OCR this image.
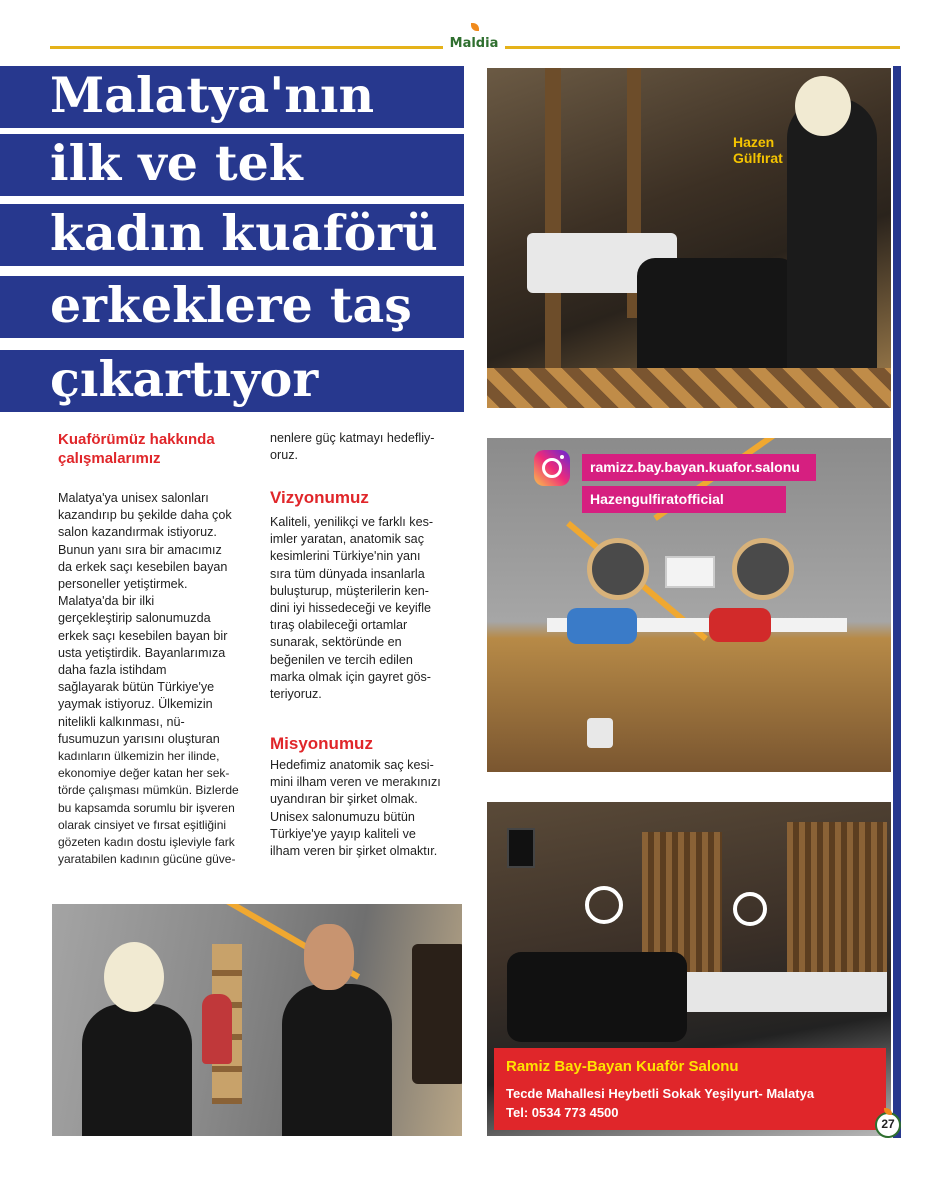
Maldia
Malatya'nın
ilk ve tek
kadın kuaförü
erkeklere taş
çıkartıyor
Hazen
Gülfırat
ramizz.bay.bayan.kuafor.salonu
Hazengulfiratofficial
Ramiz Bay-Bayan Kuaför Salonu
Tecde Mahallesi Heybetli Sokak Yeşilyurt- Malatya
Tel: 0534 773 4500
Kuaförümüz hakkında
çalışmalarımız

Malatya'ya unisex salonları

kazandırıp bu şekilde daha çok

salon kazandırmak istiyoruz.

Bunun yanı sıra bir amacımız

da erkek saçı kesebilen bayan

personeller yetiştirmek.

Malatya'da bir ilki

gerçekleştirip salonumuzda

erkek saçı kesebilen bayan bir

usta yetiştirdik. Bayanlarımıza

daha fazla istihdam

sağlayarak bütün Türkiye'ye

yaymak istiyoruz. Ülkemizin

nitelikli kalkınması, nü-

fusumuzun yarısını oluşturan

kadınların ülkemizin her ilinde,

ekonomiye değer katan her sek-

törde çalışması mümkün. Bizlerde

bu kapsamda sorumlu bir işveren

olarak cinsiyet ve fırsat eşitliğini

gözeten kadın dostu işleviyle fark

yaratabilen kadının gücüne güve-

nenlere güç katmayı hedefliy-

oruz.

Vizyonumuz

Kaliteli, yenilikçi ve farklı kes-

imler yaratan, anatomik saç

kesimlerini Türkiye'nin yanı

sıra tüm dünyada insanlarla

buluşturup, müşterilerin ken-

dini iyi hissedeceği ve keyifle

tıraş olabileceği ortamlar

sunarak, sektöründe en

beğenilen ve tercih edilen

marka olmak için gayret gös-

teriyoruz.

Misyonumuz

Hedefimiz anatomik saç kesi-

mini ilham veren ve merakınızı

uyandıran bir şirket olmak.

Unisex salonumuzu bütün

Türkiye'ye yayıp kaliteli ve

ilham veren bir şirket olmaktır.

27
